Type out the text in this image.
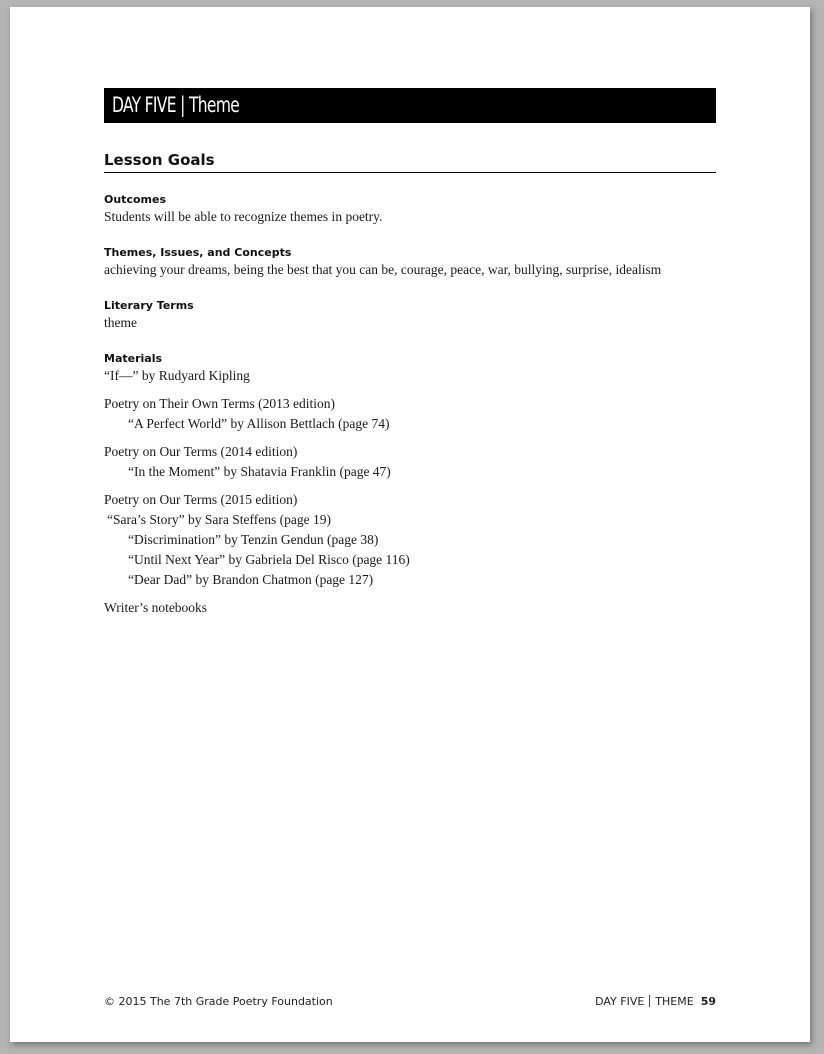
DAY FIVE | Theme
Lesson Goals

Outcomes

Students will be able to recognize themes in poetry.

Themes, Issues, and Concepts

achieving your dreams, being the best that you can be, courage, peace, war, bullying, surprise, idealism

Literary Terms

theme

Materials

“If—” by Rudyard Kipling

Poetry on Their Own Terms (2013 edition)

“A Perfect World” by Allison Bettlach (page 74)

Poetry on Our Terms (2014 edition)

“In the Moment” by Shatavia Franklin (page 47)

Poetry on Our Terms (2015 edition)

“Sara’s Story” by Sara Steffens (page 19)

“Discrimination” by Tenzin Gendun (page 38)

“Until Next Year” by Gabriela Del Risco (page 116)

“Dear Dad” by Brandon Chatmon (page 127)

Writer’s notebooks

© 2015 The 7th Grade Poetry Foundation	DAY FIVE THEME 59
